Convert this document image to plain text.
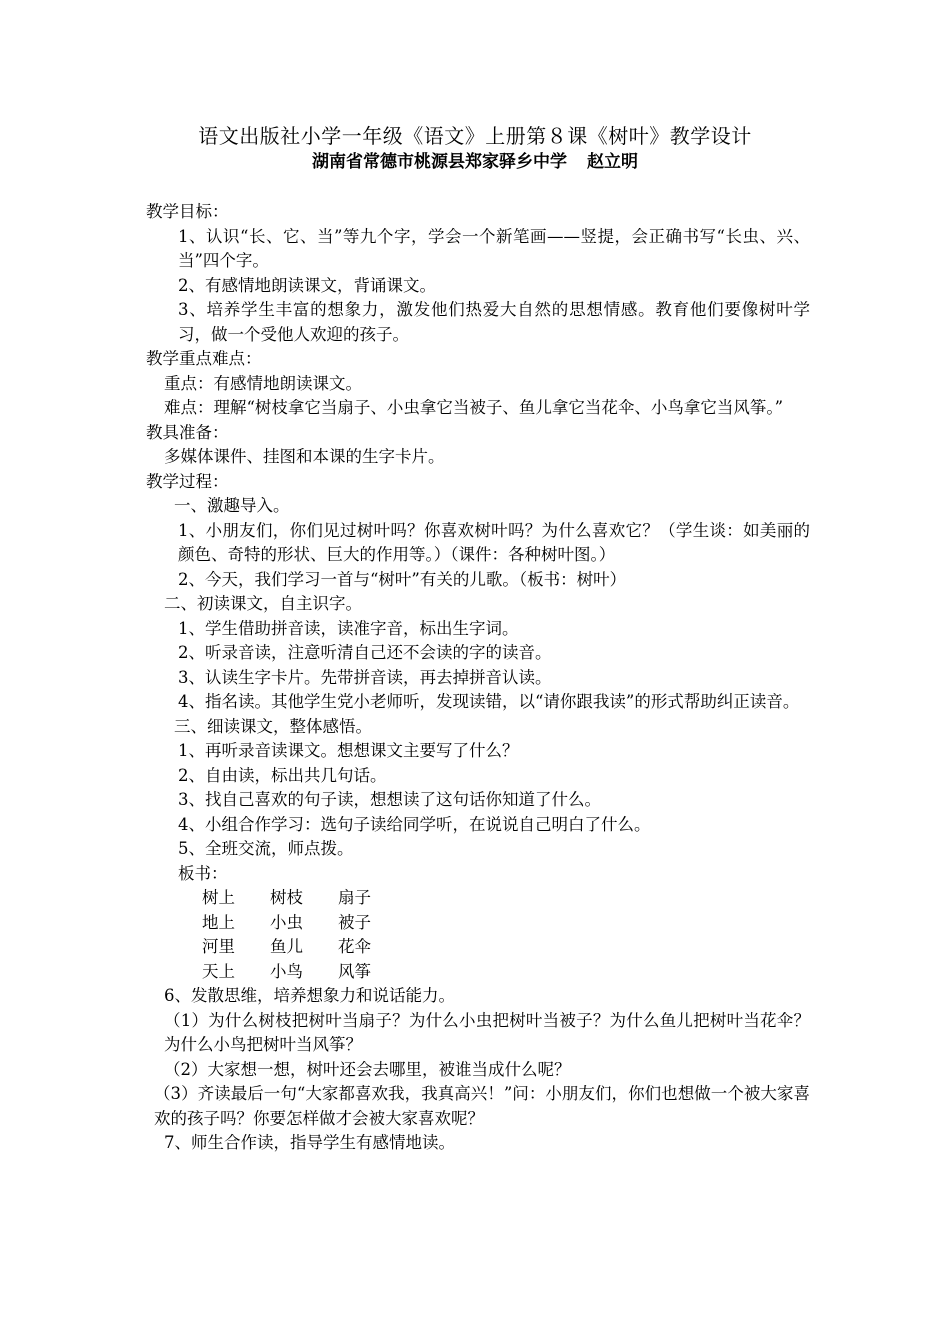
语文出版社小学一年级《语文》上册第８课《树叶》教学设计
湖南省常德市桃源县郑家驿乡中学 赵立明

教学目标：

1、认识“长、它、当”等九个字，学会一个新笔画——竖提，会正确书写“长虫、兴、当”四个字。

2、有感情地朗读课文，背诵课文。

3、培养学生丰富的想象力，激发他们热爱大自然的思想情感。教育他们要像树叶学习，做一个受他人欢迎的孩子。

教学重点难点：

重点：有感情地朗读课文。

难点：理解“树枝拿它当扇子、小虫拿它当被子、鱼儿拿它当花伞、小鸟拿它当风筝。”

教具准备：

多媒体课件、挂图和本课的生字卡片。

教学过程：

一、激趣导入。

1、小朋友们，你们见过树叶吗？你喜欢树叶吗？为什么喜欢它？（学生谈：如美丽的颜色、奇特的形状、巨大的作用等。）（课件：各种树叶图。）

2、今天，我们学习一首与“树叶”有关的儿歌。（板书：树叶）

二、初读课文，自主识字。

1、学生借助拼音读，读准字音，标出生字词。

2、听录音读，注意听清自己还不会读的字的读音。

3、认读生字卡片。先带拼音读，再去掉拼音认读。

4、指名读。其他学生党小老师听，发现读错，以“请你跟我读”的形式帮助纠正读音。

三、细读课文，整体感悟。

1、再听录音读课文。想想课文主要写了什么？

2、自由读，标出共几句话。

3、找自己喜欢的句子读，想想读了这句话你知道了什么。

4、小组合作学习：选句子读给同学听，在说说自己明白了什么。

5、全班交流，师点拨。

板书：

树上 树枝 扇子

地上 小虫 被子

河里 鱼儿 花伞

天上 小鸟 风筝

6、发散思维，培养想象力和说话能力。

（1）为什么树枝把树叶当扇子？为什么小虫把树叶当被子？为什么鱼儿把树叶当花伞？为什么小鸟把树叶当风筝？

（2）大家想一想，树叶还会去哪里，被谁当成什么呢？

（3）齐读最后一句“大家都喜欢我，我真高兴！”问：小朋友们，你们也想做一个被大家喜欢的孩子吗？你要怎样做才会被大家喜欢呢？

7、师生合作读，指导学生有感情地读。
